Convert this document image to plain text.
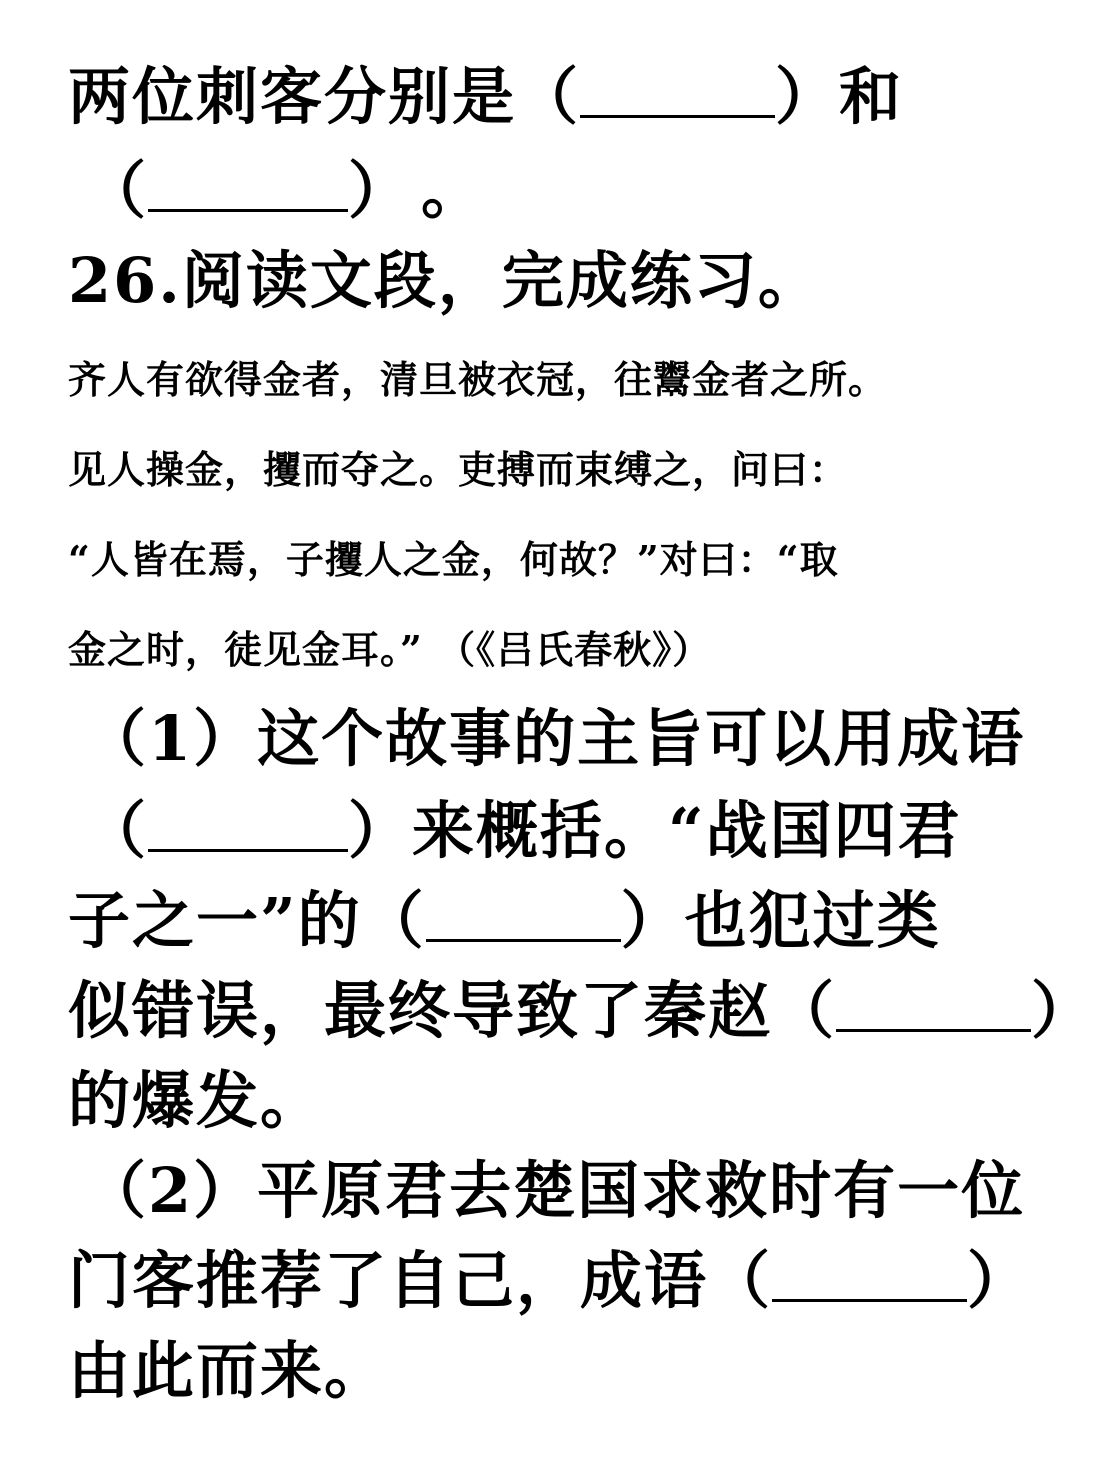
两位刺客分别是（	）和
（	） 。
26.阅读文段，完成练习。
齐人有欲得金者，清旦被衣冠，往鬻金者之所。
见人操金，攫而夺之。吏搏而束缚之，问曰：
“人皆在焉，子攫人之金，何故？”对曰：“取
金之时，徒见金耳。” （《吕氏春秋》）
（1）这个故事的主旨可以用成语
（	）来概括。“战国四君
子之一”的（	）也犯过类
似错误，最终导致了秦赵（	）
的爆发。
（2）平原君去楚国求救时有一位
门客推荐了自己，成语（	）
由此而来。
